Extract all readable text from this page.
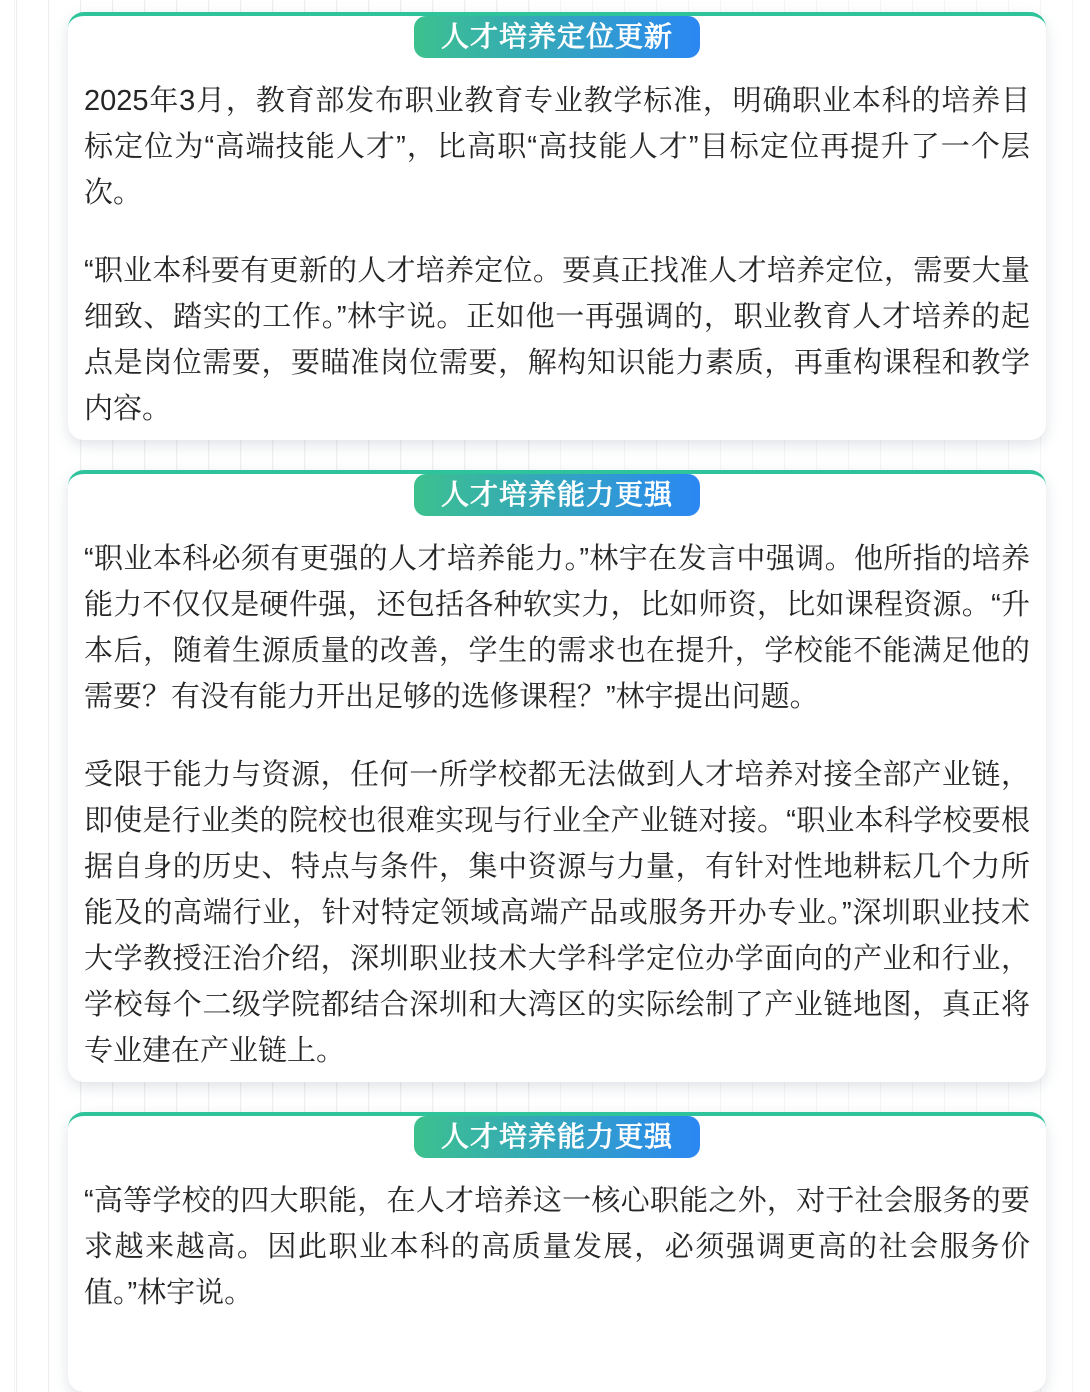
人才培养定位更新

2025年3月，教育部发布职业教育专业教学标准，明确职业本科的培养目标定位为“高端技能人才”，比高职“高技能人才”目标定位再提升了一个层次。

“职业本科要有更新的人才培养定位。要真正找准人才培养定位，需要大量细致、踏实的工作。”林宇说。正如他一再强调的，职业教育人才培养的起点是岗位需要，要瞄准岗位需要，解构知识能力素质，再重构课程和教学内容。

人才培养能力更强

“职业本科必须有更强的人才培养能力。”林宇在发言中强调。他所指的培养能力不仅仅是硬件强，还包括各种软实力，比如师资，比如课程资源。“升本后，随着生源质量的改善，学生的需求也在提升，学校能不能满足他的需要？有没有能力开出足够的选修课程？”林宇提出问题。

受限于能力与资源，任何一所学校都无法做到人才培养对接全部产业链，即使是行业类的院校也很难实现与行业全产业链对接。“职业本科学校要根据自身的历史、特点与条件，集中资源与力量，有针对性地耕耘几个力所能及的高端行业，针对特定领域高端产品或服务开办专业。”深圳职业技术大学教授汪治介绍，深圳职业技术大学科学定位办学面向的产业和行业，学校每个二级学院都结合深圳和大湾区的实际绘制了产业链地图，真正将专业建在产业链上。

人才培养能力更强

“高等学校的四大职能，在人才培养这一核心职能之外，对于社会服务的要求越来越高。因此职业本科的高质量发展，必须强调更高的社会服务价值。”林宇说。
